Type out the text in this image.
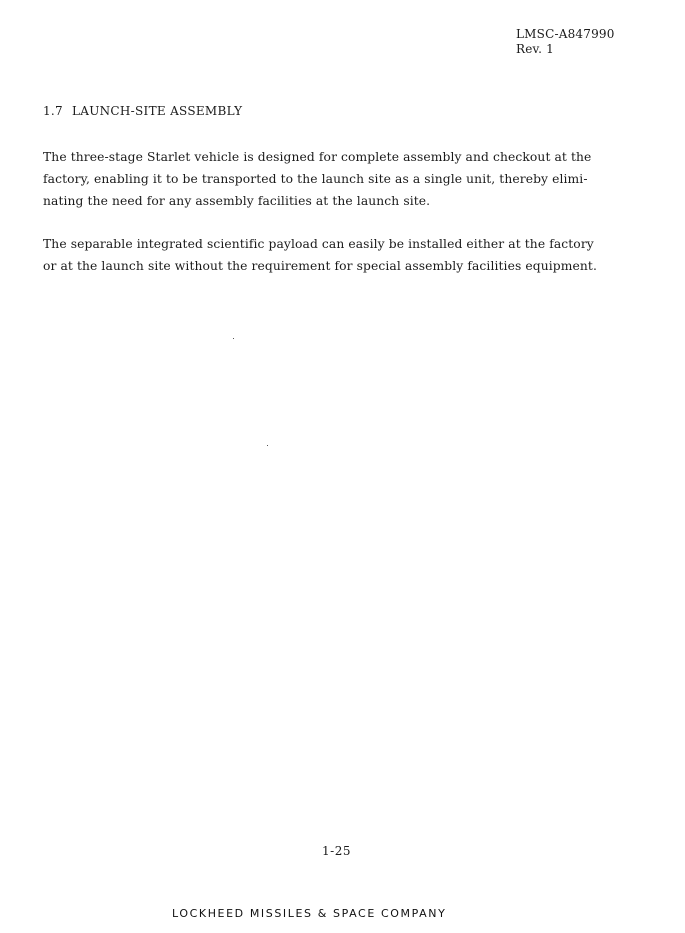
LMSC-A847990
Rev. 1
1.7 LAUNCH-SITE ASSEMBLY
The three-stage Starlet vehicle is designed for complete assembly and checkout at the
factory, enabling it to be transported to the launch site as a single unit, thereby elimi-
nating the need for any assembly facilities at the launch site.
The separable integrated scientific payload can easily be installed either at the factory
or at the launch site without the requirement for special assembly facilities equipment.
1-25
LOCKHEED MISSILES & SPACE COMPANY
